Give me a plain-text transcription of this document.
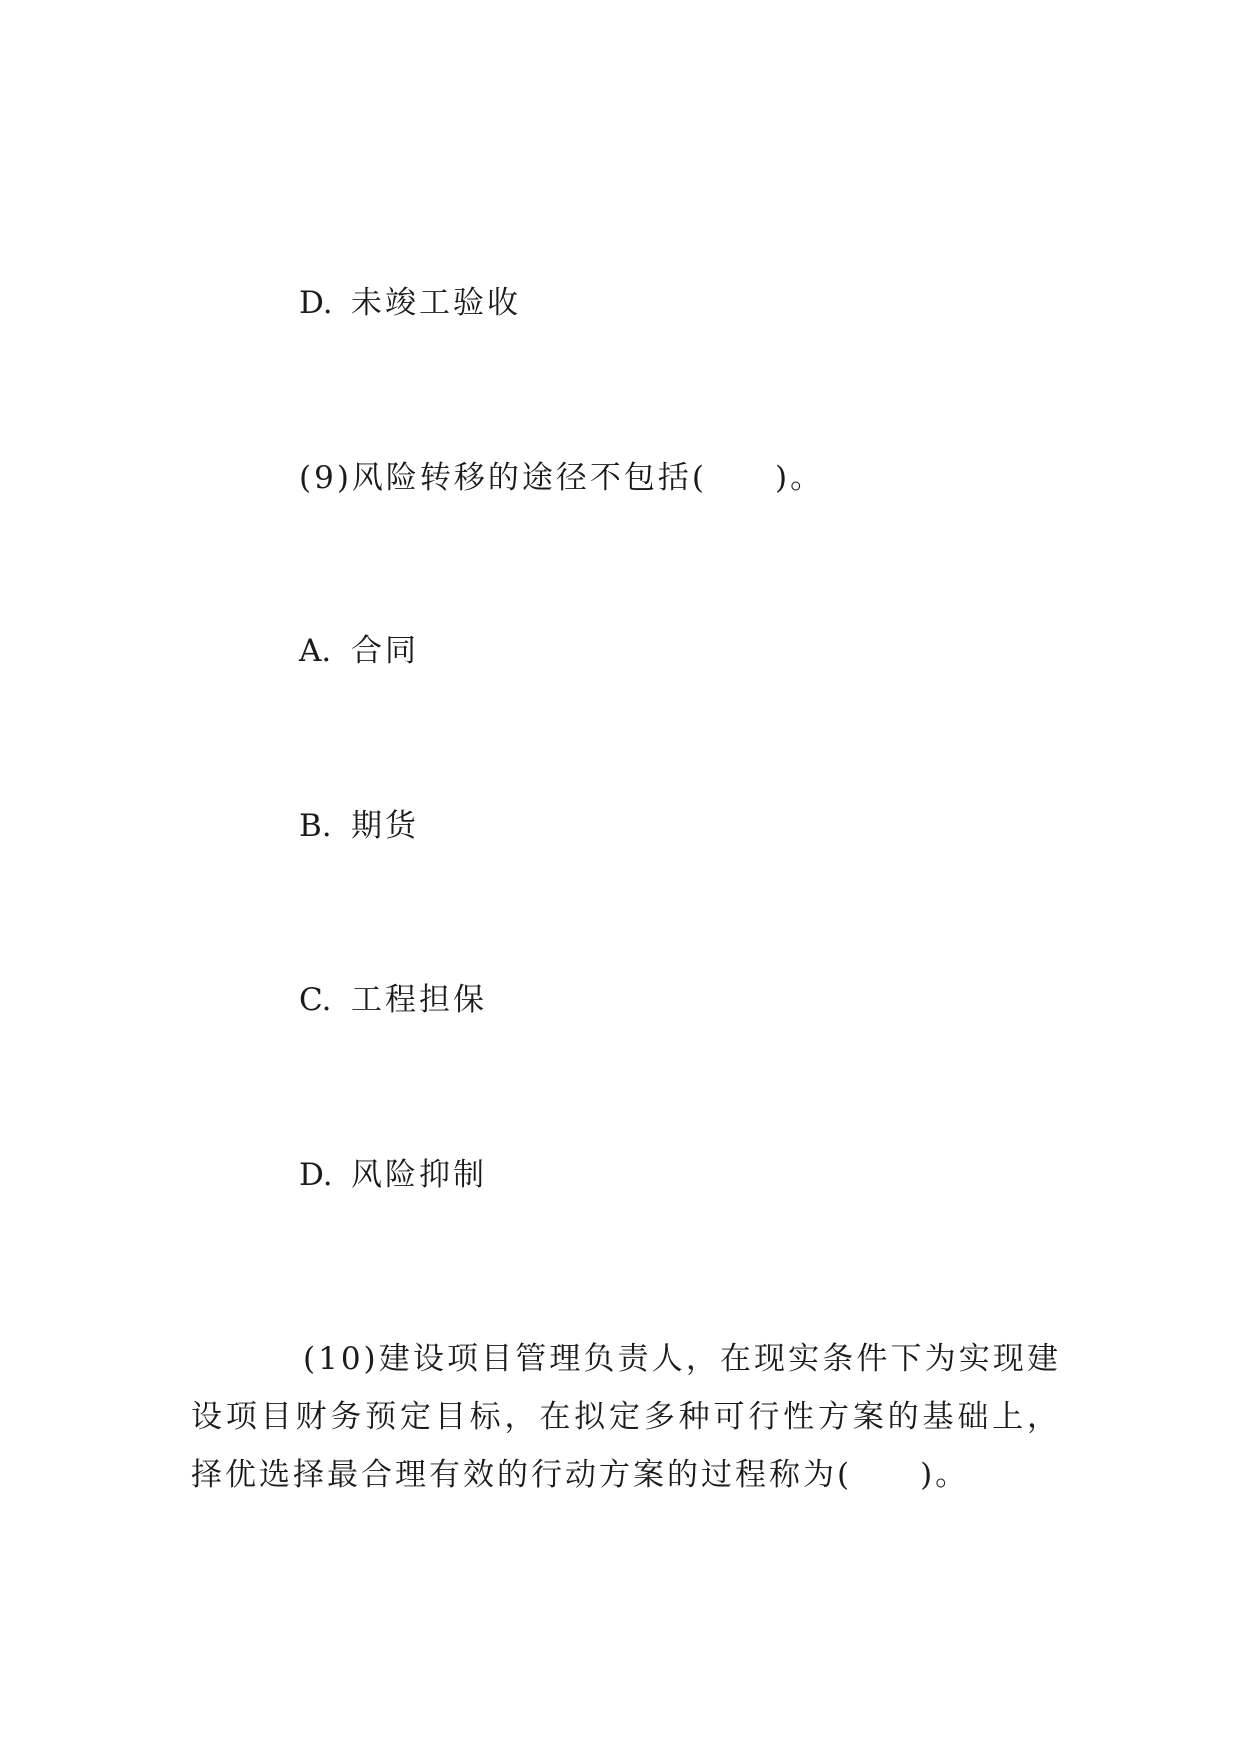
D. 未竣工验收
(9)风险转移的途径不包括(　　)。
A. 合同
B. 期货
C. 工程担保
D. 风险抑制
(10)建设项目管理负责人，在现实条件下为实现建设项目财务预定目标，在拟定多种可行性方案的基础上，择优选择最合理有效的行动方案的过程称为(　　)。
